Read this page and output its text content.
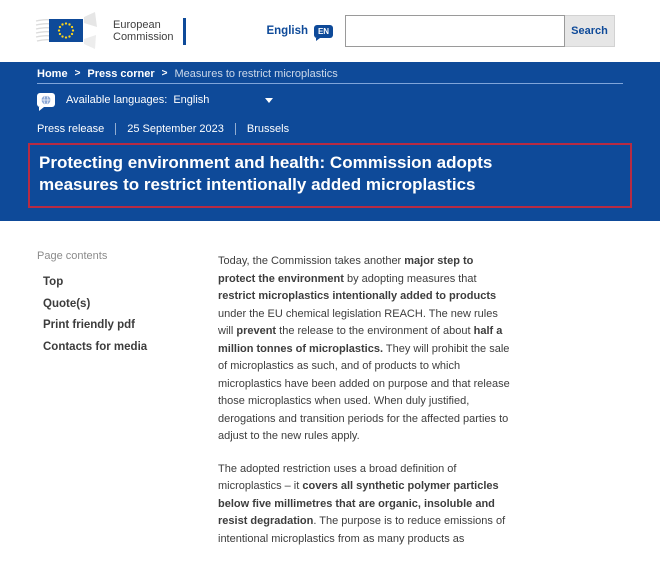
European
Commission	English	EN	Search
Home > Press corner > Measures to restrict microplastics
Available languages: English
Press release 25 September 2023 Brussels
Protecting environment and health: Commission adopts
measures to restrict intentionally added microplastics
Page contents
Top
Quote(s)
Print friendly pdf
Contacts for media

Today, the Commission takes another major step to protect the environment by adopting measures that restrict microplastics intentionally added to products under the EU chemical legislation REACH. The new rules will prevent the release to the environment of about half a million tonnes of microplastics. They will prohibit the sale of microplastics as such, and of products to which microplastics have been added on purpose and that release those microplastics when used. When duly justified, derogations and transition periods for the affected parties to adjust to the new rules apply.

The adopted restriction uses a broad definition of microplastics – it covers all synthetic polymer particles below five millimetres that are organic, insoluble and resist degradation. The purpose is to reduce emissions of intentional microplastics from as many products as
